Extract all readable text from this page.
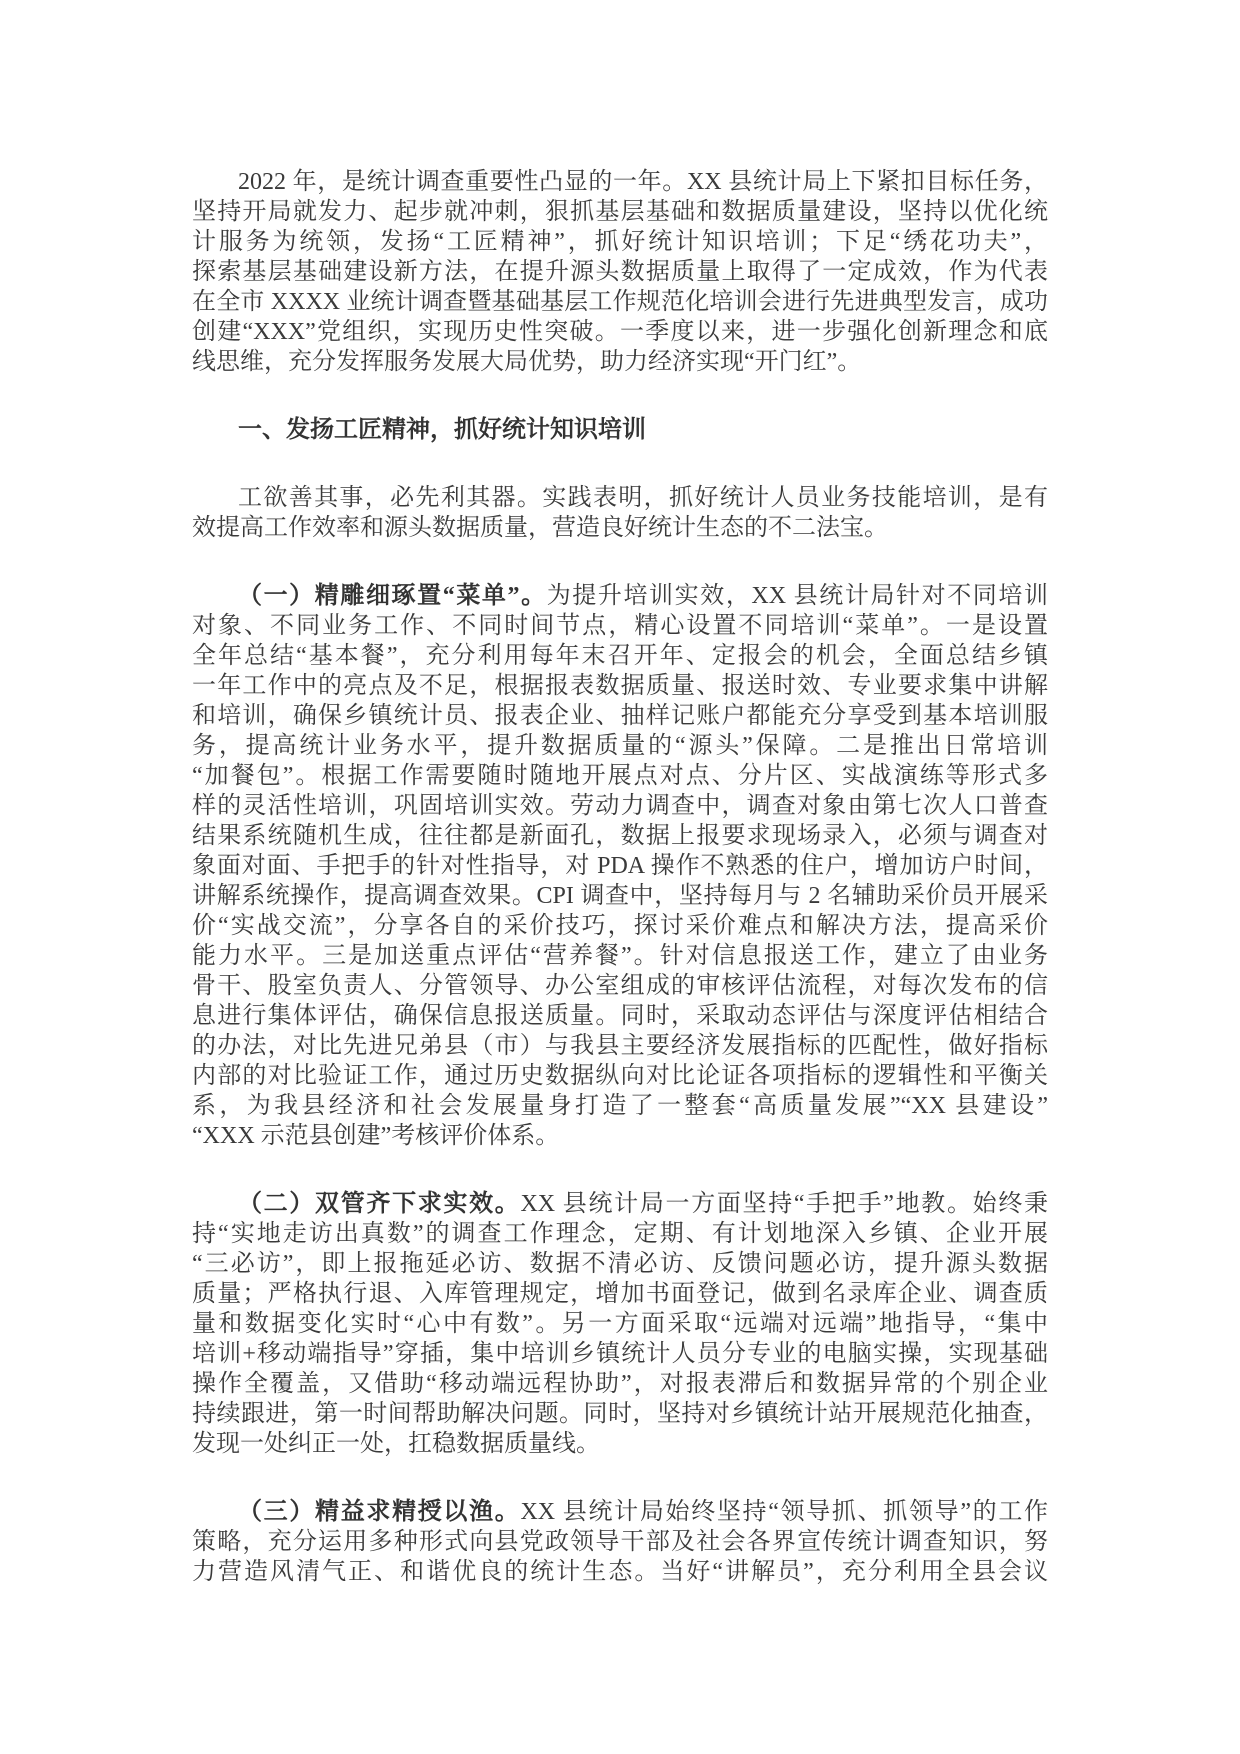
2022 年，是统计调查重要性凸显的一年。XX 县统计局上下紧扣目标任务，
坚持开局就发力、起步就冲刺，狠抓基层基础和数据质量建设，坚持以优化统
计服务为统领，发扬“工匠精神”，抓好统计知识培训；下足“绣花功夫”，
探索基层基础建设新方法，在提升源头数据质量上取得了一定成效，作为代表
在全市 XXXX 业统计调查暨基础基层工作规范化培训会进行先进典型发言，成功
创建“XXX”党组织，实现历史性突破。一季度以来，进一步强化创新理念和底
线思维，充分发挥服务发展大局优势，助力经济实现“开门红”。
一、发扬工匠精神，抓好统计知识培训
工欲善其事，必先利其器。实践表明，抓好统计人员业务技能培训，是有
效提高工作效率和源头数据质量，营造良好统计生态的不二法宝。
（一）精雕细琢置“菜单”。为提升培训实效，XX 县统计局针对不同培训
对象、不同业务工作、不同时间节点，精心设置不同培训“菜单”。一是设置
全年总结“基本餐”，充分利用每年末召开年、定报会的机会，全面总结乡镇
一年工作中的亮点及不足，根据报表数据质量、报送时效、专业要求集中讲解
和培训，确保乡镇统计员、报表企业、抽样记账户都能充分享受到基本培训服
务，提高统计业务水平，提升数据质量的“源头”保障。二是推出日常培训
“加餐包”。根据工作需要随时随地开展点对点、分片区、实战演练等形式多
样的灵活性培训，巩固培训实效。劳动力调查中，调查对象由第七次人口普查
结果系统随机生成，往往都是新面孔，数据上报要求现场录入，必须与调查对
象面对面、手把手的针对性指导，对 PDA 操作不熟悉的住户，增加访户时间，
讲解系统操作，提高调查效果。CPI 调查中，坚持每月与 2 名辅助采价员开展采
价“实战交流”，分享各自的采价技巧，探讨采价难点和解决方法，提高采价
能力水平。三是加送重点评估“营养餐”。针对信息报送工作，建立了由业务
骨干、股室负责人、分管领导、办公室组成的审核评估流程，对每次发布的信
息进行集体评估，确保信息报送质量。同时，采取动态评估与深度评估相结合
的办法，对比先进兄弟县（市）与我县主要经济发展指标的匹配性，做好指标
内部的对比验证工作，通过历史数据纵向对比论证各项指标的逻辑性和平衡关
系，为我县经济和社会发展量身打造了一整套“高质量发展”“XX 县建设”
“XXX 示范县创建”考核评价体系。
（二）双管齐下求实效。XX 县统计局一方面坚持“手把手”地教。始终秉
持“实地走访出真数”的调查工作理念，定期、有计划地深入乡镇、企业开展
“三必访”，即上报拖延必访、数据不清必访、反馈问题必访，提升源头数据
质量；严格执行退、入库管理规定，增加书面登记，做到名录库企业、调查质
量和数据变化实时“心中有数”。另一方面采取“远端对远端”地指导，“集中
培训+移动端指导”穿插，集中培训乡镇统计人员分专业的电脑实操，实现基础
操作全覆盖，又借助“移动端远程协助”，对报表滞后和数据异常的个别企业
持续跟进，第一时间帮助解决问题。同时，坚持对乡镇统计站开展规范化抽查，
发现一处纠正一处，扛稳数据质量线。
（三）精益求精授以渔。XX 县统计局始终坚持“领导抓、抓领导”的工作
策略，充分运用多种形式向县党政领导干部及社会各界宣传统计调查知识，努
力营造风清气正、和谐优良的统计生态。当好“讲解员”，充分利用全县会议
